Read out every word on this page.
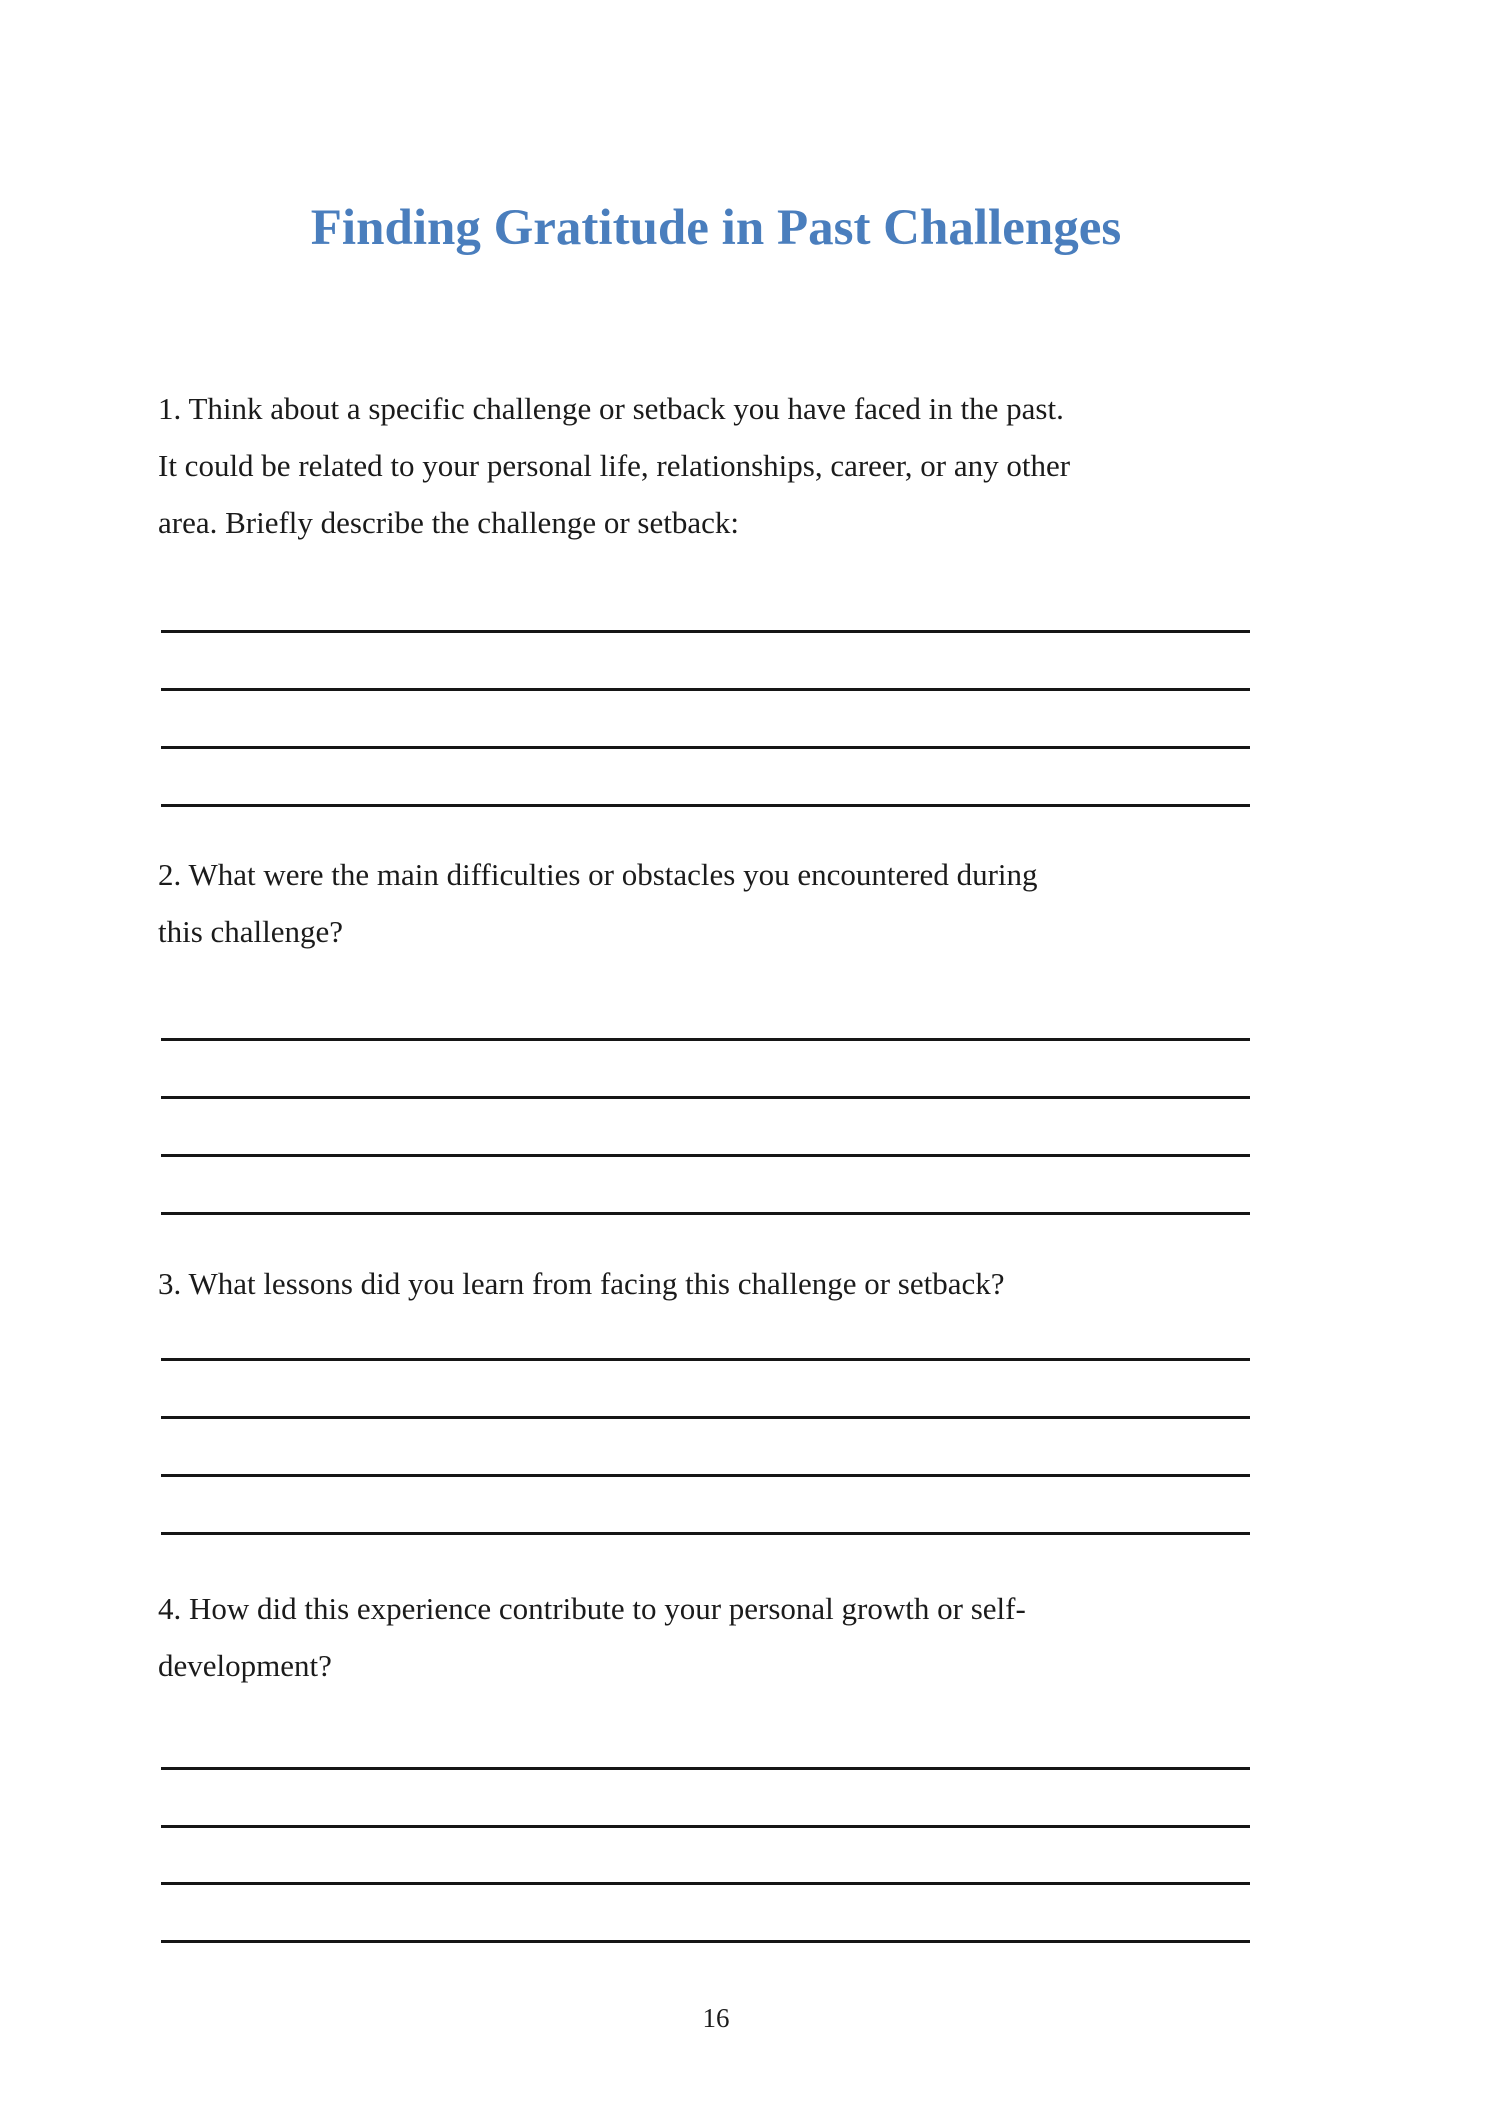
Finding Gratitude in Past Challenges
1. Think about a specific challenge or setback you have faced in the past.
It could be related to your personal life, relationships, career, or any other
area. Briefly describe the challenge or setback:
2. What were the main difficulties or obstacles you encountered during
this challenge?
3. What lessons did you learn from facing this challenge or setback?
4. How did this experience contribute to your personal growth or self-
development?
16
